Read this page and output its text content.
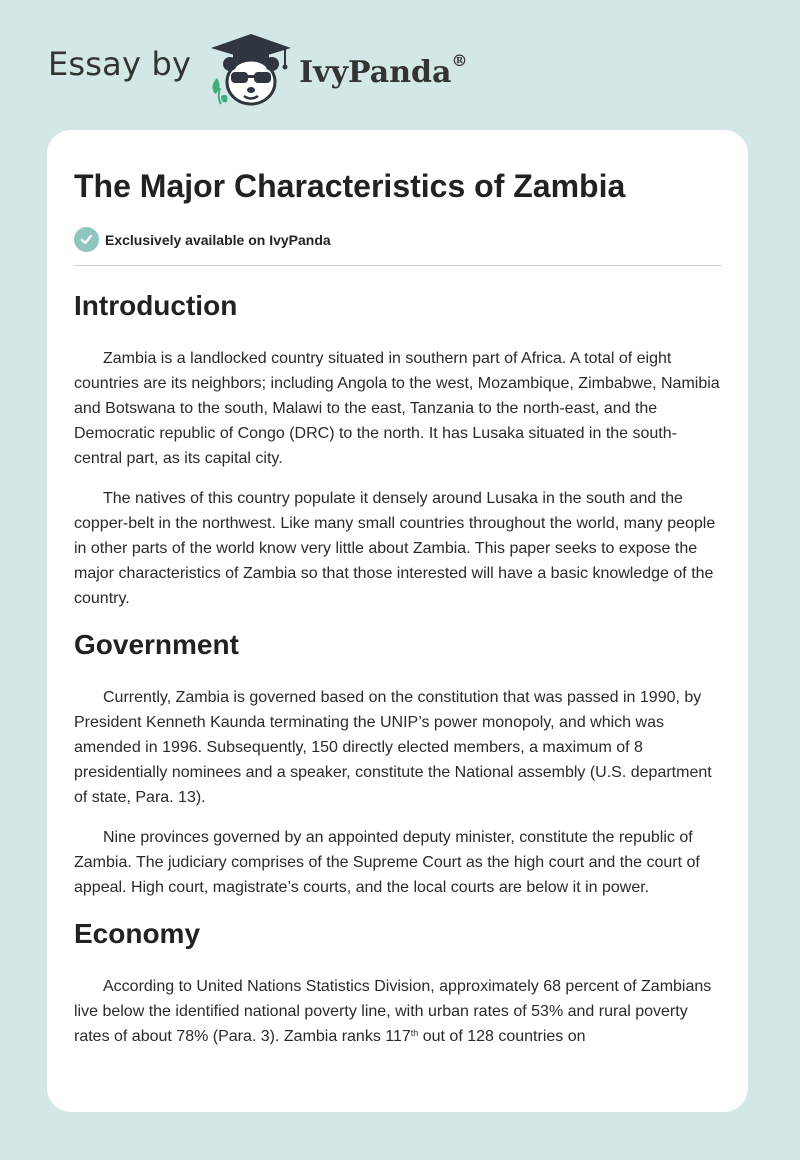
Essay by	IvyPanda®
The Major Characteristics of Zambia
Exclusively available on IvyPanda
Introduction

Zambia is a landlocked country situated in southern part of Africa. A total of eight countries are its neighbors; including Angola to the west, Mozambique, Zimbabwe, Namibia and Botswana to the south, Malawi to the east, Tanzania to the north-east, and the Democratic republic of Congo (DRC) to the north. It has Lusaka situated in the south-central part, as its capital city.

The natives of this country populate it densely around Lusaka in the south and the copper-belt in the northwest. Like many small countries throughout the world, many people in other parts of the world know very little about Zambia. This paper seeks to expose the major characteristics of Zambia so that those interested will have a basic knowledge of the country.

Government

Currently, Zambia is governed based on the constitution that was passed in 1990, by President Kenneth Kaunda terminating the UNIP’s power monopoly, and which was amended in 1996. Subsequently, 150 directly elected members, a maximum of 8 presidentially nominees and a speaker, constitute the National assembly (U.S. department of state, Para. 13).

Nine provinces governed by an appointed deputy minister, constitute the republic of Zambia. The judiciary comprises of the Supreme Court as the high court and the court of appeal. High court, magistrate’s courts, and the local courts are below it in power.

Economy

According to United Nations Statistics Division, approximately 68 percent of Zambians live below the identified national poverty line, with urban rates of 53% and rural poverty rates of about 78% (Para. 3). Zambia ranks 117th out of 128 countries on
